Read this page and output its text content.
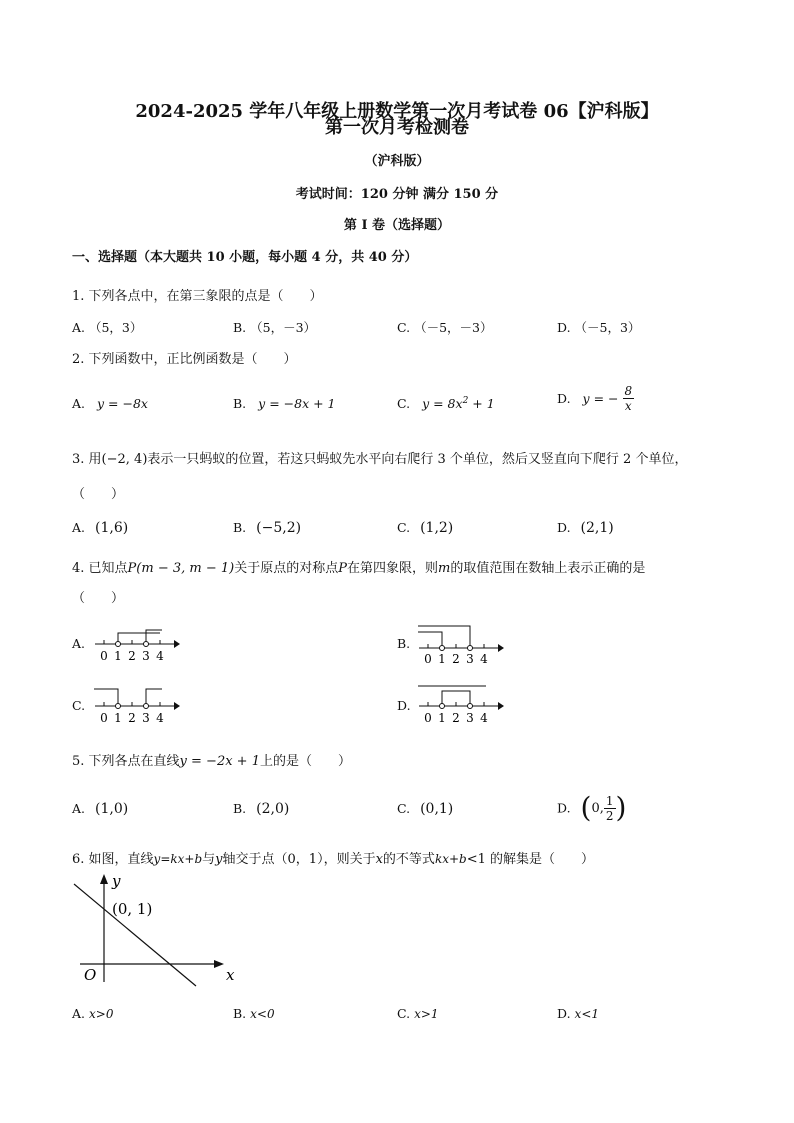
2024-2025 学年八年级上册数学第一次月考试卷 06【沪科版】
第一次月考检测卷
（沪科版）
考试时间：120 分钟 满分 150 分
第 I 卷（选择题）
一、选择题（本大题共 10 小题，每小题 4 分，共 40 分）
1. 下列各点中，在第三象限的点是（　　）
A. （5，3）	B. （5，－3）	C. （－5，－3）	D. （－5，3）
2. 下列函数中，正比例函数是（　　）
A. y = −8x	B. y = −8x + 1	C. $y = 8x^2 + 1$	D. y = − $\frac{8}{x}$
3. 用(−2, 4)表示一只蚂蚁的位置，若这只蚂蚁先水平向右爬行 3 个单位，然后又竖直向下爬行 2 个单位，
（　　）
A. (1,6)	B. (−5,2)	C. (1,2)	D. (2,1)
4. 已知点P(m − 3, m − 1)关于原点的对称点P在第四象限，则m的取值范围在数轴上表示正确的是
（　　）
A.
0 1 2 3 4
B.
0 1 2 3 4
C.
0 1 2 3 4
D.
0 1 2 3 4
5. 下列各点在直线y = −2x + 1上的是（　　）
A. (1,0)	B. (2,0)	C. (0,1)	D. ( 0, $\frac{1}{2}$ )
6. 如图，直线y=kx+b与y轴交于点（0，1），则关于x的不等式kx+b<1 的解集是（　　）
y
x
O
(0, 1)
A. x>0	B. x<0	C. x>1	D. x<1
